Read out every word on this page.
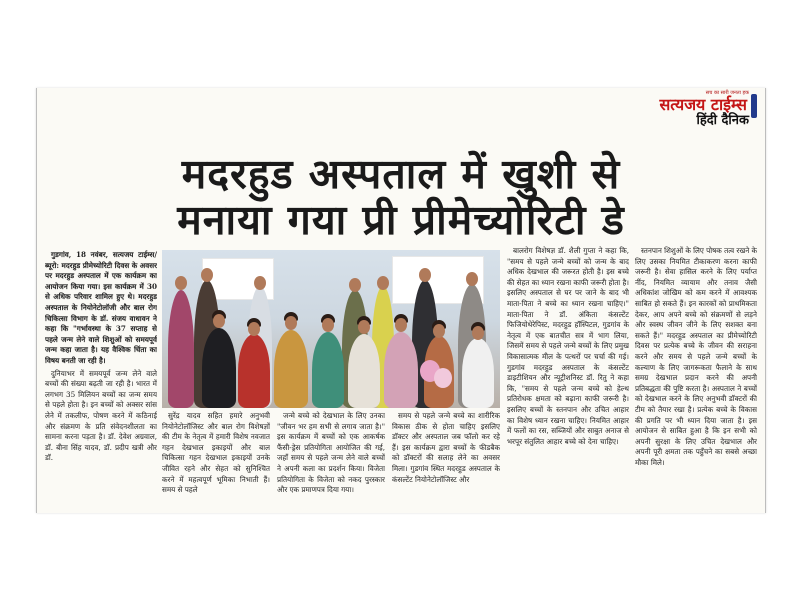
सच का सारी जनता हक
सत्यजय टाईम्स
हिंदी दैनिक
मदरहुड अस्पताल में खुशी से
मनाया गया प्री प्रीमेच्योरिटी डे

गुडगांव, 18 नवंबर, सत्यजय टाईम्स/ब्यूरो: मदरहुड प्रीमेच्योरिटी दिवस के अवसर पर मदरहुड अस्पताल में एक कार्यक्रम का आयोजन किया गया। इस कार्यक्रम में 30 से अधिक परिवार शामिल हुए थे। मदरहुड अस्पताल के नियोनेटोलॉजी और बाल रोग चिकित्सा विभाग के डॉ. संजय वाधावन ने कहा कि "गर्भावस्था के 37 सप्ताह से पहले जन्म लेने वाले शिशुओं को समयपूर्व जन्म कहा जाता है। यह वैश्विक चिंता का विषय बनती जा रही है।

दुनियाभर में समयपूर्व जन्म लेने वाले बच्चों की संख्या बढ़ती जा रही है। भारत में लगभग 35 मिलियन बच्चों का जन्म समय से पहले होता है। इन बच्चों को अक्सर सांस लेने में तकलीफ, पोषण करने में कठिनाई और संक्रमण के प्रति संवेदनशीलता का सामना करना पड़ता है। डॉ. देवेश अग्रवाल, डॉ. बीना सिंह यादव, डॉ. प्रदीप खत्री और डॉ.

सुरेंद्र यादव सहित हमारे अनुभवी नियोनेटोलॉजिस्ट और बाल रोग विशेषज्ञों की टीम के नेतृत्व में हमारी विशेष नवजात गहन देखभाल इकाइयों और बाल चिकित्सा गहन देखभाल इकाइयों उनके जीवित रहने और सेहत को सुनिश्चित करने में महत्वपूर्ण भूमिका निभाती हैं। समय से पहले

जन्मे बच्चे को देखभाल के लिए उनका "जीवन भर हम सभी से लगाव जाता है।" इस कार्यक्रम में बच्चों को एक आकर्षक फैंसी-ड्रेस प्रतियोगिता आयोजित की गई, जहाँ समय से पहले जन्म लेने वाले बच्चों ने अपनी कला का प्रदर्शन किया। विजेता प्रतियोगिता के विजेता को नकद पुरस्कार और एक प्रमाणपत्र दिया गया।

समय से पहले जन्मे बच्चे का शारीरिक विकास ठीक से होता चाहिए इसलिए डॉक्टर और अस्पताल जब फॉलो कर रहे हैं। इस कार्यक्रम द्वारा बच्चों के फीडबैक को डॉक्टरों की सलाह लेने का अवसर मिला। गुडगांव स्थित मदरहुड अस्पताल के कंसल्टेंट नियोनेटोलॉजिस्ट और

बालरोग विशेषज्ञ डॉ. शैली गुप्ता ने कहा कि, "समय से पहले जन्मे बच्चों को जन्म के बाद अधिक देखभाल की जरूरत होती है। इस बच्चे की सेहत का ध्यान रखना काफी जरूरी होता है। इसलिए अस्पताल से घर पर जाने के बाद भी माता-पिता ने बच्चे का ध्यान रखना चाहिए।" माता-पिता ने डॉ. अंकिता कंसल्टेंट फिजियोथेरेपिस्ट, मदरहुड हॉस्पिटल, गुडगांव के नेतृत्व में एक बातचीत सत्र में भाग लिया, जिसमें समय से पहले जन्मे बच्चों के लिए प्रमुख विकासात्मक मील के पत्थरों पर चर्चा की गई। गुडगांव मदरहुड अस्पताल के कंसल्टेंट डाइटीशियन और न्यूट्रीशनिस्ट डॉ. रितु ने कहा कि, "समय से पहले जन्म बच्चे को हेल्थ प्रतिरोधक क्षमता को बढ़ाना काफी जरूरी है। इसलिए बच्चों के स्तनपान और उचित आहार का विशेष ध्यान रखना चाहिए। नियमित आहार में फलों का रस, सब्जियों और साबुत अनाज से भरपूर संतुलित आहार बच्चे को देना चाहिए।

स्तनपान शिशुओं के लिए पोषक तत्व रखने के लिए उसका नियमित टीकाकरण करना काफी जरूरी है। सेवा हासिल करने के लिए पर्याप्त नींद, नियमित व्यायाम और तनाव जैसी अधिकांश जोखिम को कम करने में आवश्यक साबित हो सकते हैं। इन कारकों को प्राथमिकता देकर, आप अपने बच्चे को संक्रमणों से लड़ने और स्वस्थ जीवन जीने के लिए सशक्त बना सकते हैं।" मदरहुड अस्पताल का प्रीमेच्योरिटी दिवस पर प्रत्येक बच्चे के जीवन की सराहना करने और समय से पहले जन्मे बच्चों के कल्याण के लिए जागरूकता फैलाने के साथ समग्र देखभाल प्रदान करने की अपनी प्रतिबद्धता की पुष्टि करता है। अस्पताल ने बच्चों को देखभाल करने के लिए अनुभवी डॉक्टरों की टीम को तैयार रखा है। प्रत्येक बच्चे के विकास की प्रगति पर भी ध्यान दिया जाता है। इस आयोजन से साबित हुआ है कि इन सभी को अपनी सुरक्षा के लिए उचित देखभाल और अपनी पूरी क्षमता तक पहुँचने का सबसे अच्छा मौका मिले।
